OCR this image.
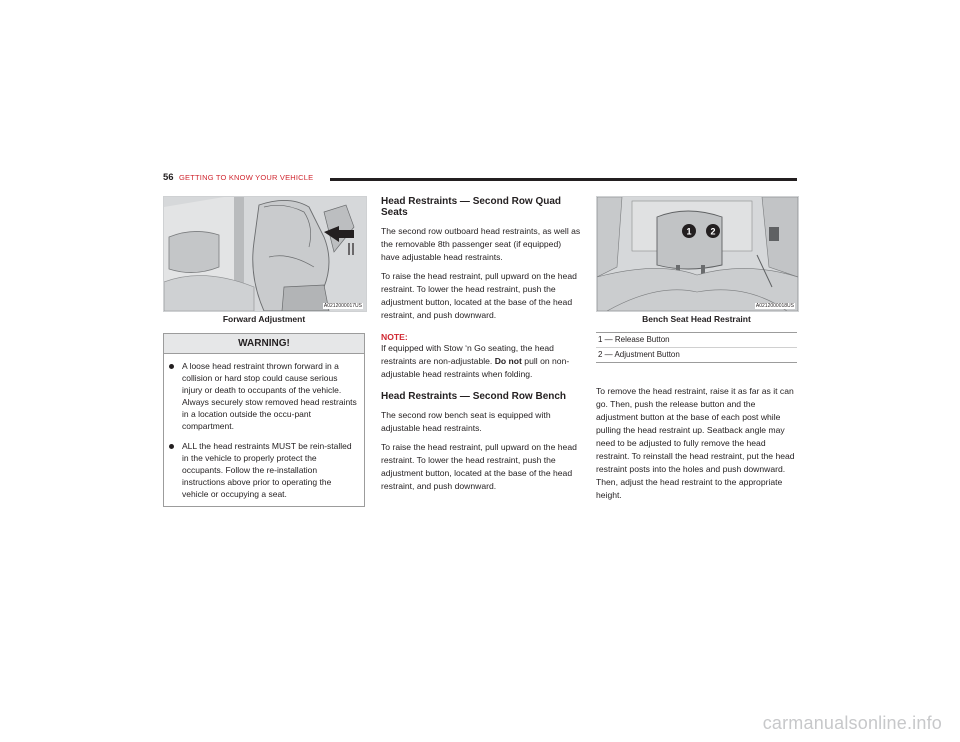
56 GETTING TO KNOW YOUR VEHICLE
A0212000017US
Forward Adjustment
WARNING!
A loose head restraint thrown forward in a collision or hard stop could cause serious injury or death to occupants of the vehicle. Always securely stow removed head restraints in a location outside the occu-pant compartment.
ALL the head restraints MUST be rein-stalled in the vehicle to properly protect the occupants. Follow the re-installation instructions above prior to operating the vehicle or occupying a seat.
Head Restraints — Second Row Quad Seats

The second row outboard head restraints, as well as the removable 8th passenger seat (if equipped) have adjustable head restraints.

To raise the head restraint, pull upward on the head restraint. To lower the head restraint, push the adjustment button, located at the base of the head restraint, and push downward.

NOTE:
If equipped with Stow ‘n Go seating, the head restraints are non-adjustable. Do not pull on non-adjustable head restraints when folding.
Head Restraints — Second Row Bench

The second row bench seat is equipped with adjustable head restraints.

To raise the head restraint, pull upward on the head restraint. To lower the head restraint, push the adjustment button, located at the base of the head restraint, and push downward.

1 2
A0212000018US
Bench Seat Head Restraint
1 — Release Button
2 — Adjustment Button

To remove the head restraint, raise it as far as it can go. Then, push the release button and the adjustment button at the base of each post while pulling the head restraint up. Seatback angle may need to be adjusted to fully remove the head restraint. To reinstall the head restraint, put the head restraint posts into the holes and push downward. Then, adjust the head restraint to the appropriate height.

carmanualsonline.info
